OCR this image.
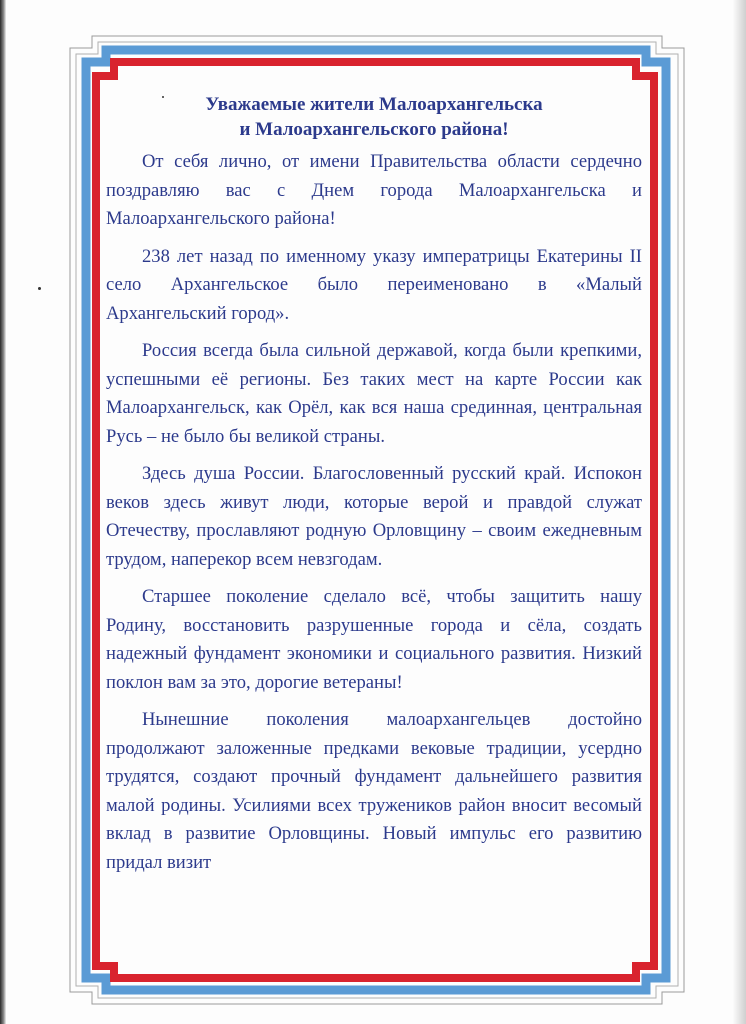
Уважаемые жители Малоархангельска
и Малоархангельского района!

От себя лично, от имени Правительства области сердечно поздравляю вас с Днем города Малоархангельска и Малоархангельского района!

238 лет назад по именному указу императрицы Екатерины II село Архангельское было переименовано в «Малый Архангельский город».

Россия всегда была сильной державой, когда были крепкими, успешными её регионы. Без таких мест на карте России как Малоархангельск, как Орёл, как вся наша срединная, центральная Русь – не было бы великой страны.

Здесь душа России. Благословенный русский край. Испокон веков здесь живут люди, которые верой и правдой служат Отечеству, прославляют родную Орловщину – своим ежедневным трудом, наперекор всем невзгодам.

Старшее поколение сделало всё, чтобы защитить нашу Родину, восстановить разрушенные города и сёла, создать надежный фундамент экономики и социального развития. Низкий поклон вам за это, дорогие ветераны!

Нынешние поколения малоархангельцев достойно продолжают заложенные предками вековые традиции, усердно трудятся, создают прочный фундамент дальнейшего развития малой родины. Усилиями всех тружеников район вносит весомый вклад в развитие Орловщины. Новый импульс его развитию придал визит
